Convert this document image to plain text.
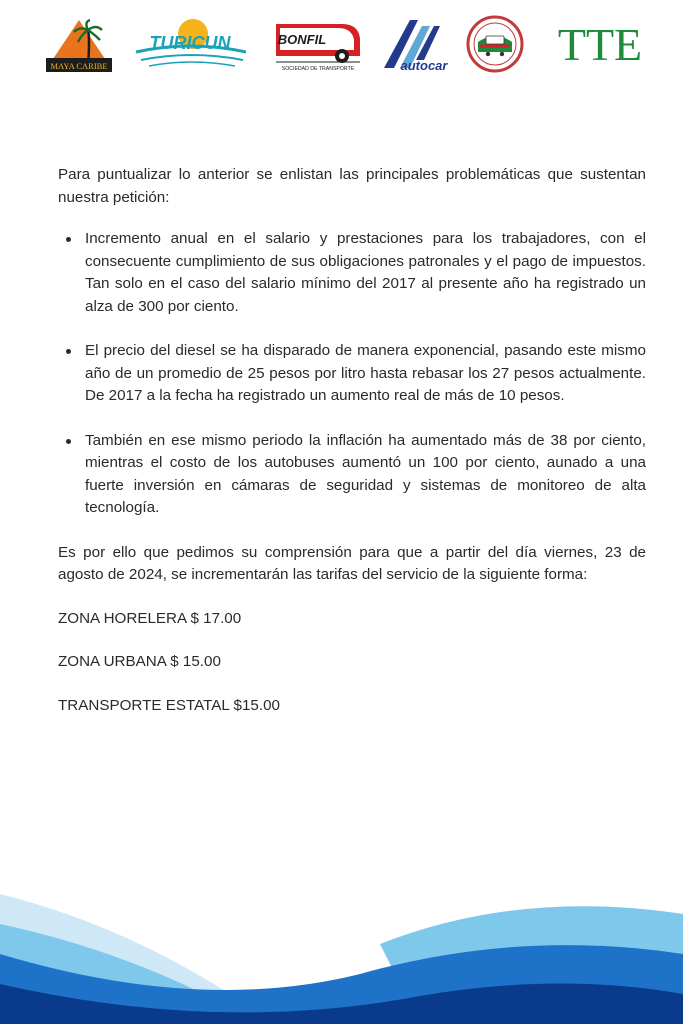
MAYA CARIBE
TURICUN	BONFIL
SOCIEDAD DE TRANSPORTE	autocar TTE

Para puntualizar lo anterior se enlistan las principales problemáticas que sustentan nuestra petición:

Incremento anual en el salario y prestaciones para los trabajadores, con el consecuente cumplimiento de sus obligaciones patronales y el pago de impuestos. Tan solo en el caso del salario mínimo del 2017 al presente año ha registrado un alza de 300 por ciento.
El precio del diesel se ha disparado de manera exponencial, pasando este mismo año de un promedio de 25 pesos por litro hasta rebasar los 27 pesos actualmente. De 2017 a la fecha ha registrado un aumento real de más de 10 pesos.
También en ese mismo periodo la inflación ha aumentado más de 38 por ciento, mientras el costo de los autobuses aumentó un 100 por ciento, aunado a una fuerte inversión en cámaras de seguridad y sistemas de monitoreo de alta tecnología.

Es por ello que pedimos su comprensión para que a partir del día viernes, 23 de agosto de 2024, se incrementarán las tarifas del servicio de la siguiente forma:

ZONA HORELERA $ 17.00

ZONA URBANA $ 15.00

TRANSPORTE ESTATAL $15.00
